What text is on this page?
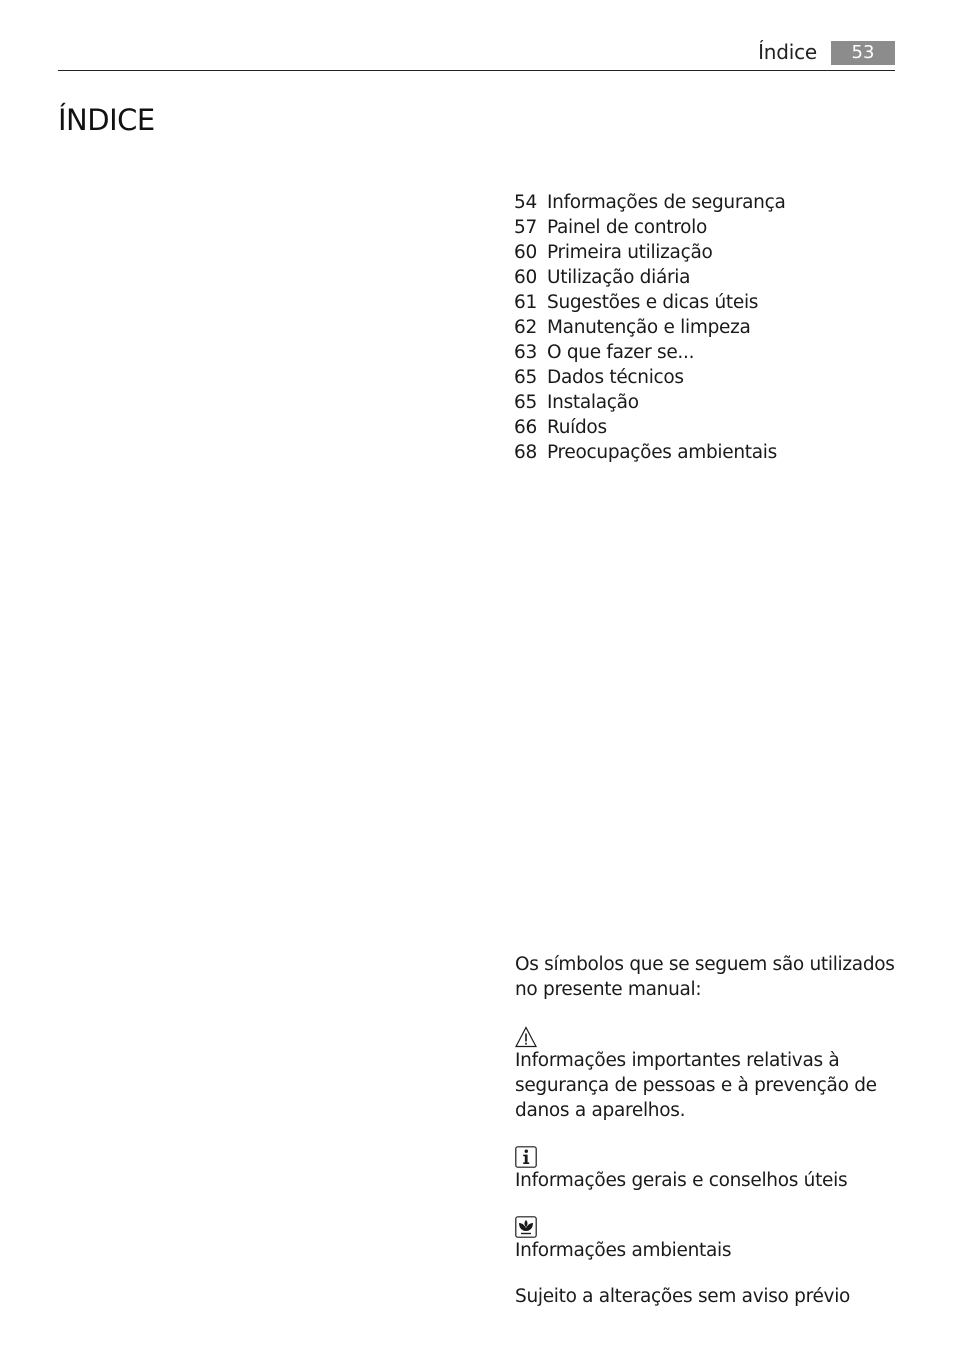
Índice	53
ÍNDICE
54 Informações de segurança
57 Painel de controlo
60 Primeira utilização
60 Utilização diária
61 Sugestões e dicas úteis
62 Manutenção e limpeza
63 O que fazer se...
65 Dados técnicos
65 Instalação
66 Ruídos
68 Preocupações ambientais

Os símbolos que se seguem são utilizados no presente manual:

Informações importantes relativas à segurança de pessoas e à prevenção de danos a aparelhos.

Informações gerais e conselhos úteis

Informações ambientais

Sujeito a alterações sem aviso prévio
